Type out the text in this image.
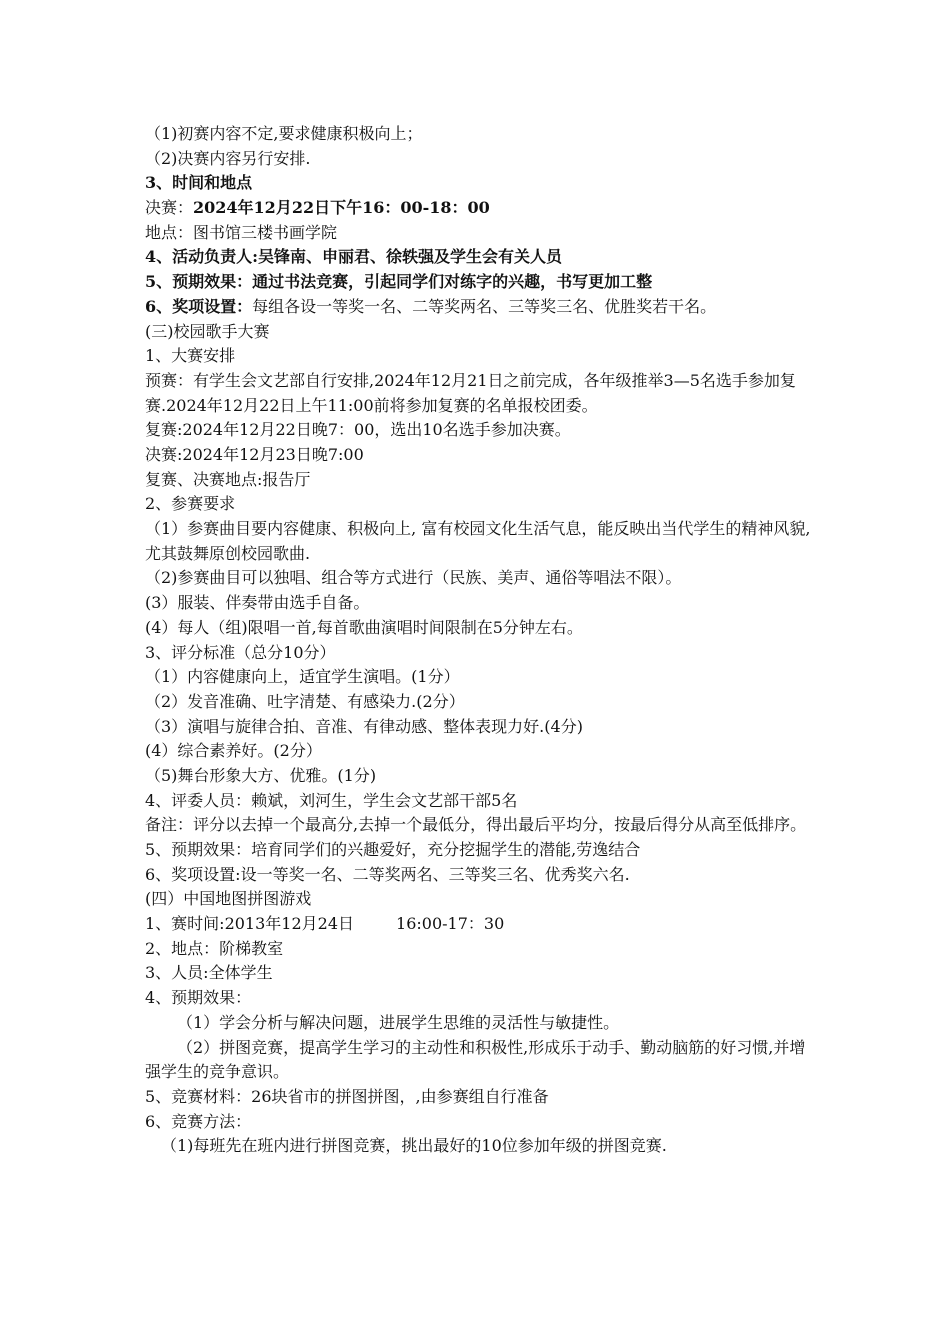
（1)初赛内容不定,要求健康积极向上；
（2)决赛内容另行安排.
3、时间和地点
决赛：2024年12月22日下午16：00-18：00
地点：图书馆三楼书画学院
4、活动负责人:吴锋南、申丽君、徐轶强及学生会有关人员
5、预期效果：通过书法竞赛，引起同学们对练字的兴趣，书写更加工整
6、奖项设置：每组各设一等奖一名、二等奖两名、三等奖三名、优胜奖若干名。
(三)校园歌手大赛
1、大赛安排
预赛：有学生会文艺部自行安排,2024年12月21日之前完成，各年级推举3—5名选手参加复赛.2024年12月22日上午11:00前将参加复赛的名单报校团委。
复赛:2024年12月22日晚7：00，选出10名选手参加决赛。
决赛:2024年12月23日晚7:00
复赛、决赛地点:报告厅
2、参赛要求
（1）参赛曲目要内容健康、积极向上, 富有校园文化生活气息，能反映出当代学生的精神风貌, 尤其鼓舞原创校园歌曲.
（2)参赛曲目可以独唱、组合等方式进行（民族、美声、通俗等唱法不限）。
(3）服装、伴奏带由选手自备。
(4）每人（组)限唱一首,每首歌曲演唱时间限制在5分钟左右。
3、评分标准（总分10分）
（1）内容健康向上，适宜学生演唱。(1分）
（2）发音准确、吐字清楚、有感染力.(2分）
（3）演唱与旋律合拍、音准、有律动感、整体表现力好.(4分)
(4）综合素养好。(2分）
（5)舞台形象大方、优雅。(1分)
4、评委人员：赖斌，刘河生，学生会文艺部干部5名
备注：评分以去掉一个最高分,去掉一个最低分，得出最后平均分，按最后得分从高至低排序。
5、预期效果：培育同学们的兴趣爱好，充分挖掘学生的潜能,劳逸结合
6、奖项设置:设一等奖一名、二等奖两名、三等奖三名、优秀奖六名.
(四）中国地图拼图游戏
1、赛时间:2013年12月24日	16:00-17：30
2、地点：阶梯教室
3、人员:全体学生
4、预期效果：
（1）学会分析与解决问题，进展学生思维的灵活性与敏捷性。
（2）拼图竞赛，提高学生学习的主动性和积极性,形成乐于动手、勤动脑筋的好习惯,并增强学生的竞争意识。
5、竞赛材料：26块省市的拼图拼图，,由参赛组自行准备
6、竞赛方法：
（1)每班先在班内进行拼图竞赛，挑出最好的10位参加年级的拼图竞赛.
